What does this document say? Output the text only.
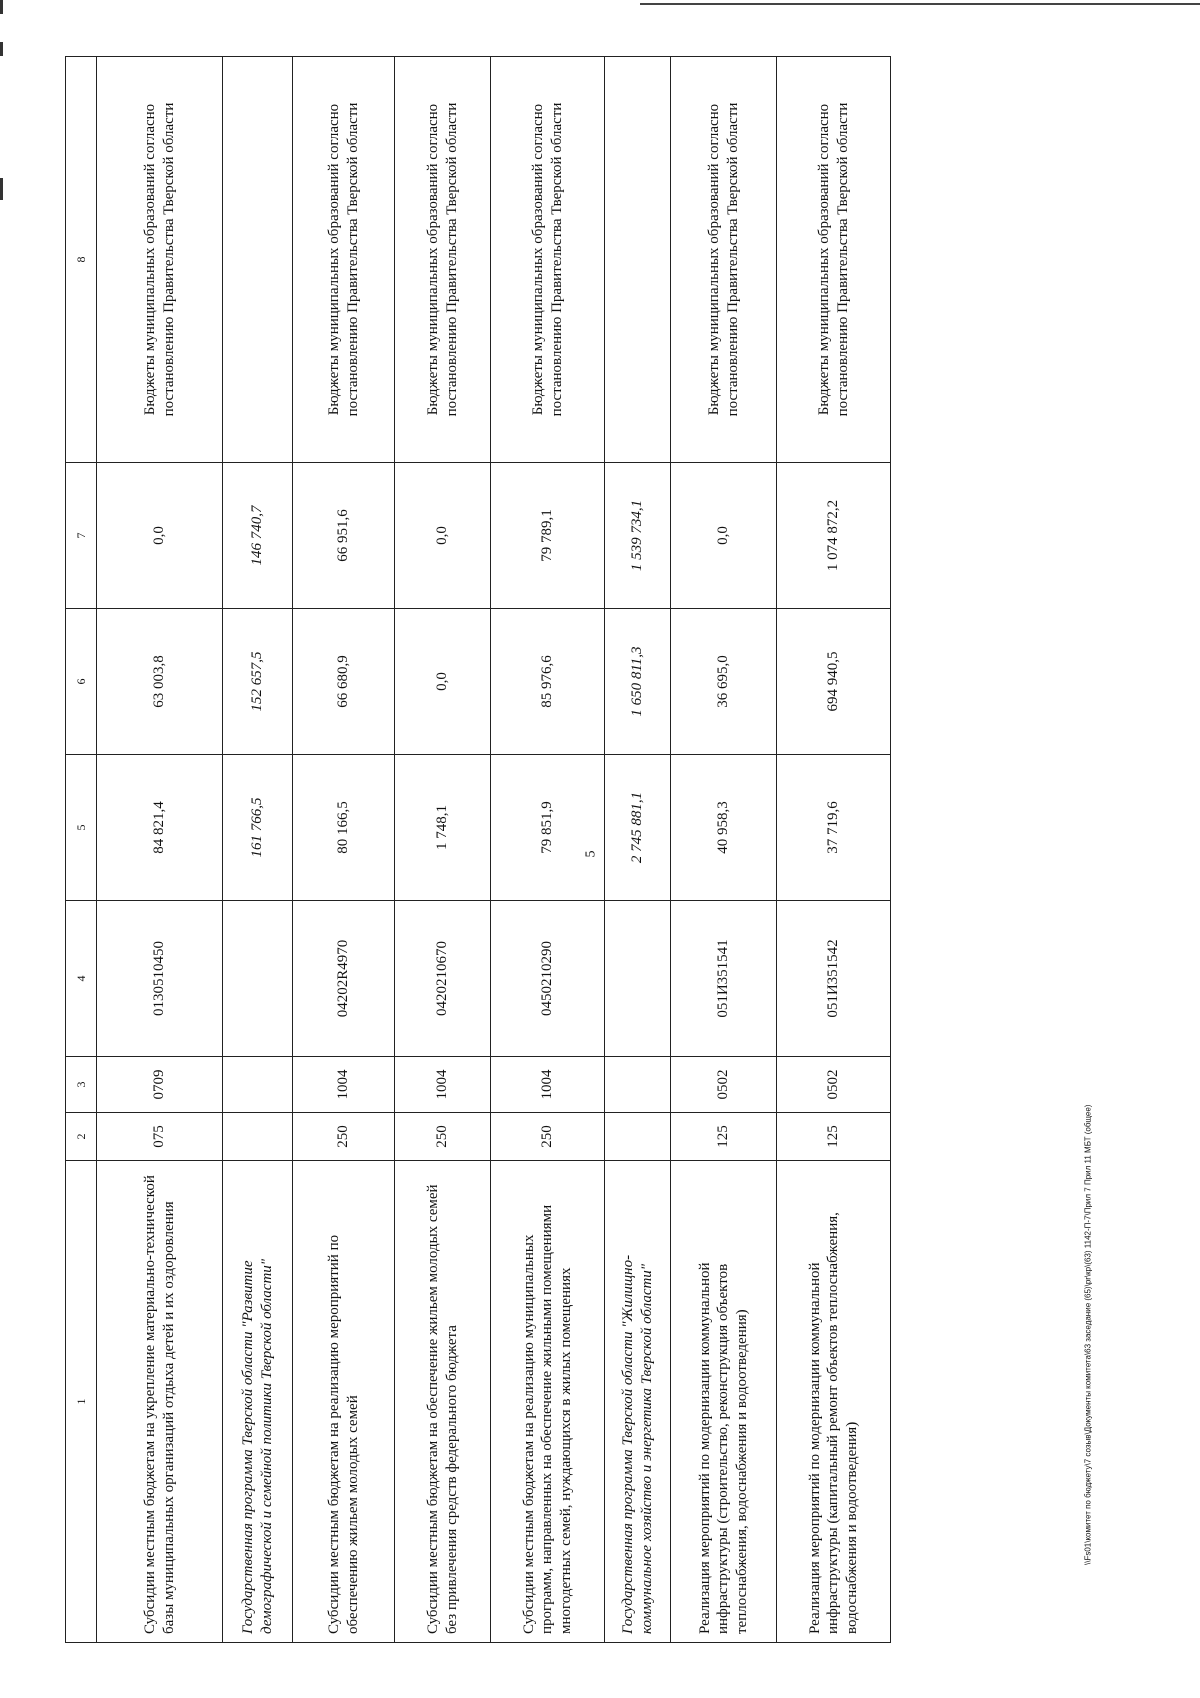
5
1	2	3	4	5	6	7	8
Субсидии местным бюджетам на укрепление материально-технической базы муниципальных организаций отдыха детей и их оздоровления	075	0709	0130510450	84 821,4	63 003,8	0,0	Бюджеты муниципальных образований согласно постановлению Правительства Тверской области
Государственная программа Тверской области "Развитие демографической и семейной политики Тверской области"				161 766,5	152 657,5	146 740,7	
Субсидии местным бюджетам на реализацию мероприятий по обеспечению жильем молодых семей	250	1004	04202R4970	80 166,5	66 680,9	66 951,6	Бюджеты муниципальных образований согласно постановлению Правительства Тверской области
Субсидии местным бюджетам на обеспечение жильем молодых семей без привлечения средств федерального бюджета	250	1004	0420210670	1 748,1	0,0	0,0	Бюджеты муниципальных образований согласно постановлению Правительства Тверской области
Субсидии местным бюджетам на реализацию муниципальных программ, направленных на обеспечение жильными помещениями многодетных семей, нуждающихся в жилых помещениях	250	1004	0450210290	79 851,9	85 976,6	79 789,1	Бюджеты муниципальных образований согласно постановлению Правительства Тверской области
Государственная программа Тверской области "Жилищно-коммунальное хозяйство и энергетика Тверской области"				2 745 881,1	1 650 811,3	1 539 734,1	
Реализация мероприятий по модернизации коммунальной инфраструктуры (строительство, реконструкция объектов теплоснабжения, водоснабжения и водоотведения)	125	0502	051И351541	40 958,3	36 695,0	0,0	Бюджеты муниципальных образований согласно постановлению Правительства Тверской области
Реализация мероприятий по модернизации коммунальной инфраструктуры (капитальный ремонт объектов теплоснабжения, водоснабжения и водоотведения)	125	0502	051И351542	37 719,6	694 940,5	1 074 872,2	Бюджеты муниципальных образований согласно постановлению Правительства Тверской области
\\Fs01\комитет по бюджету\7 созыв\Документы комитета\63 заседание (65)\pr\кр\(63) 1142-П-7\Прил 7 Прил 11 МБТ (общее)
